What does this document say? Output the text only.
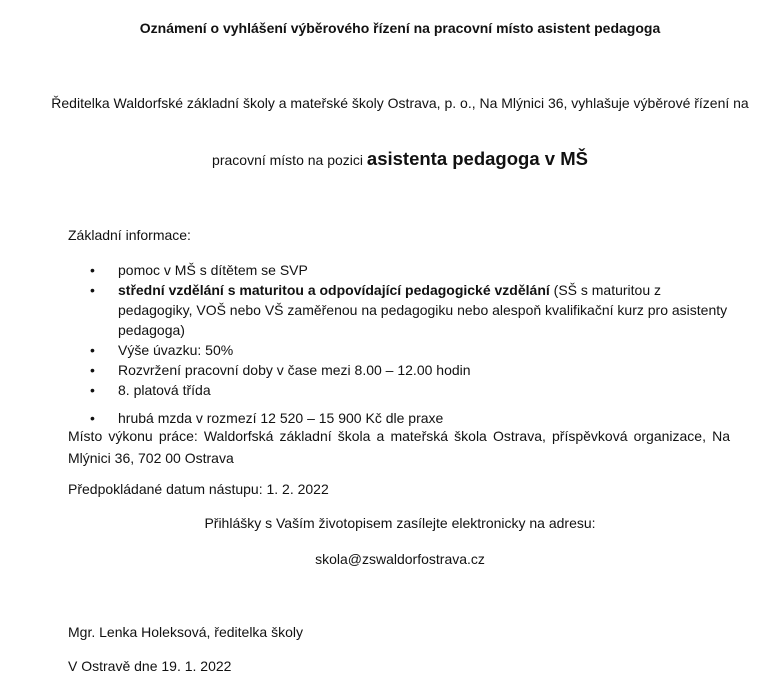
Oznámení o vyhlášení výběrového řízení na pracovní místo asistent pedagoga
Ředitelka Waldorfské základní školy a mateřské školy Ostrava, p. o., Na Mlýnici 36, vyhlašuje výběrové řízení na
pracovní místo na pozici asistenta pedagoga v MŠ
Základní informace:
• pomoc v MŠ s dítětem se SVP
• střední vzdělání s maturitou a odpovídající pedagogické vzdělání (SŠ s maturitou z pedagogiky, VOŠ nebo VŠ zaměřenou na pedagogiku nebo alespoň kvalifikační kurz pro asistenty pedagoga)
• Výše úvazku: 50%
• Rozvržení pracovní doby v čase mezi 8.00 – 12.00 hodin
• 8. platová třída
• hrubá mzda v rozmezí 12 520 – 15 900 Kč dle praxe
Místo výkonu práce: Waldorfská základní škola a mateřská škola Ostrava, příspěvková organizace, Na Mlýnici 36, 702 00 Ostrava
Předpokládané datum nástupu: 1. 2. 2022
Přihlášky s Vaším životopisem zasílejte elektronicky na adresu:
skola@zswaldorfostrava.cz
Mgr. Lenka Holeksová, ředitelka školy
V Ostravě dne 19. 1. 2022
